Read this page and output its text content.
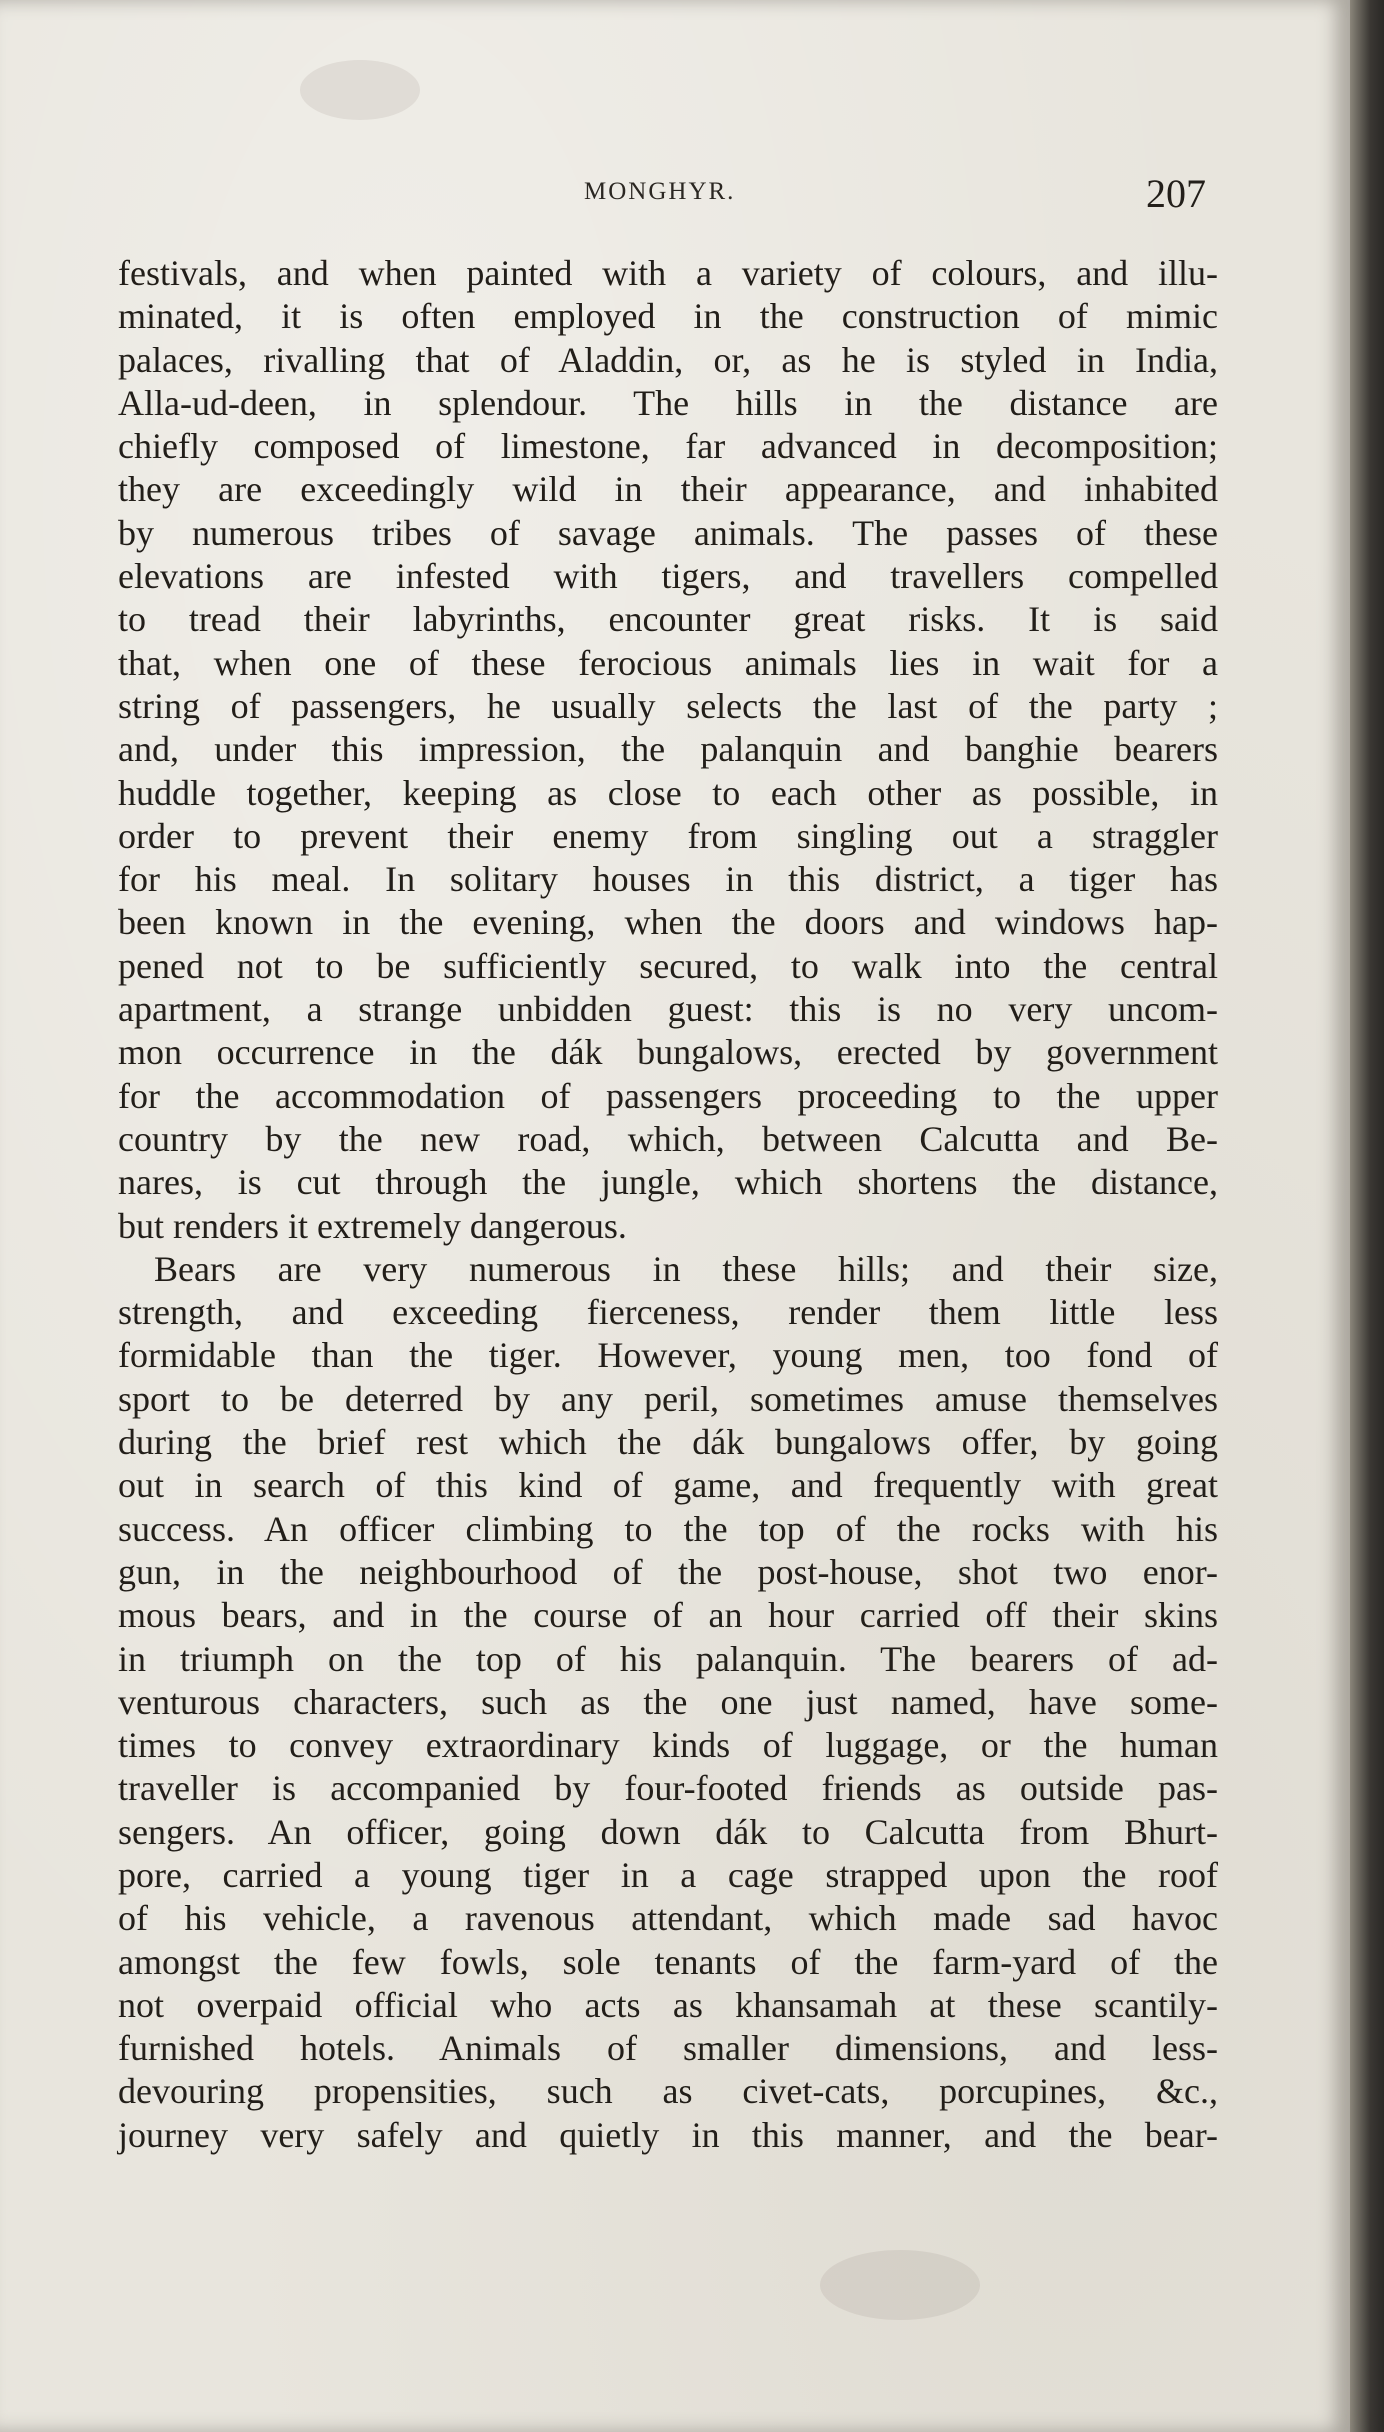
MONGHYR.	207
festivals, and when painted with a variety of colours, and illu-
minated, it is often employed in the construction of mimic
palaces, rivalling that of Aladdin, or, as he is styled in India,
Alla-ud-deen, in splendour. The hills in the distance are
chiefly composed of limestone, far advanced in decomposition;
they are exceedingly wild in their appearance, and inhabited
by numerous tribes of savage animals. The passes of these
elevations are infested with tigers, and travellers compelled
to tread their labyrinths, encounter great risks. It is said
that, when one of these ferocious animals lies in wait for a
string of passengers, he usually selects the last of the party ;
and, under this impression, the palanquin and banghie bearers
huddle together, keeping as close to each other as possible, in
order to prevent their enemy from singling out a straggler
for his meal. In solitary houses in this district, a tiger has
been known in the evening, when the doors and windows hap-
pened not to be sufficiently secured, to walk into the central
apartment, a strange unbidden guest: this is no very uncom-
mon occurrence in the dák bungalows, erected by government
for the accommodation of passengers proceeding to the upper
country by the new road, which, between Calcutta and Be-
nares, is cut through the jungle, which shortens the distance,
but renders it extremely dangerous.
Bears are very numerous in these hills; and their size,
strength, and exceeding fierceness, render them little less
formidable than the tiger. However, young men, too fond of
sport to be deterred by any peril, sometimes amuse themselves
during the brief rest which the dák bungalows offer, by going
out in search of this kind of game, and frequently with great
success. An officer climbing to the top of the rocks with his
gun, in the neighbourhood of the post-house, shot two enor-
mous bears, and in the course of an hour carried off their skins
in triumph on the top of his palanquin. The bearers of ad-
venturous characters, such as the one just named, have some-
times to convey extraordinary kinds of luggage, or the human
traveller is accompanied by four-footed friends as outside pas-
sengers. An officer, going down dák to Calcutta from Bhurt-
pore, carried a young tiger in a cage strapped upon the roof
of his vehicle, a ravenous attendant, which made sad havoc
amongst the few fowls, sole tenants of the farm-yard of the
not overpaid official who acts as khansamah at these scantily-
furnished hotels. Animals of smaller dimensions, and less-
devouring propensities, such as civet-cats, porcupines, &c.,
journey very safely and quietly in this manner, and the bear-
